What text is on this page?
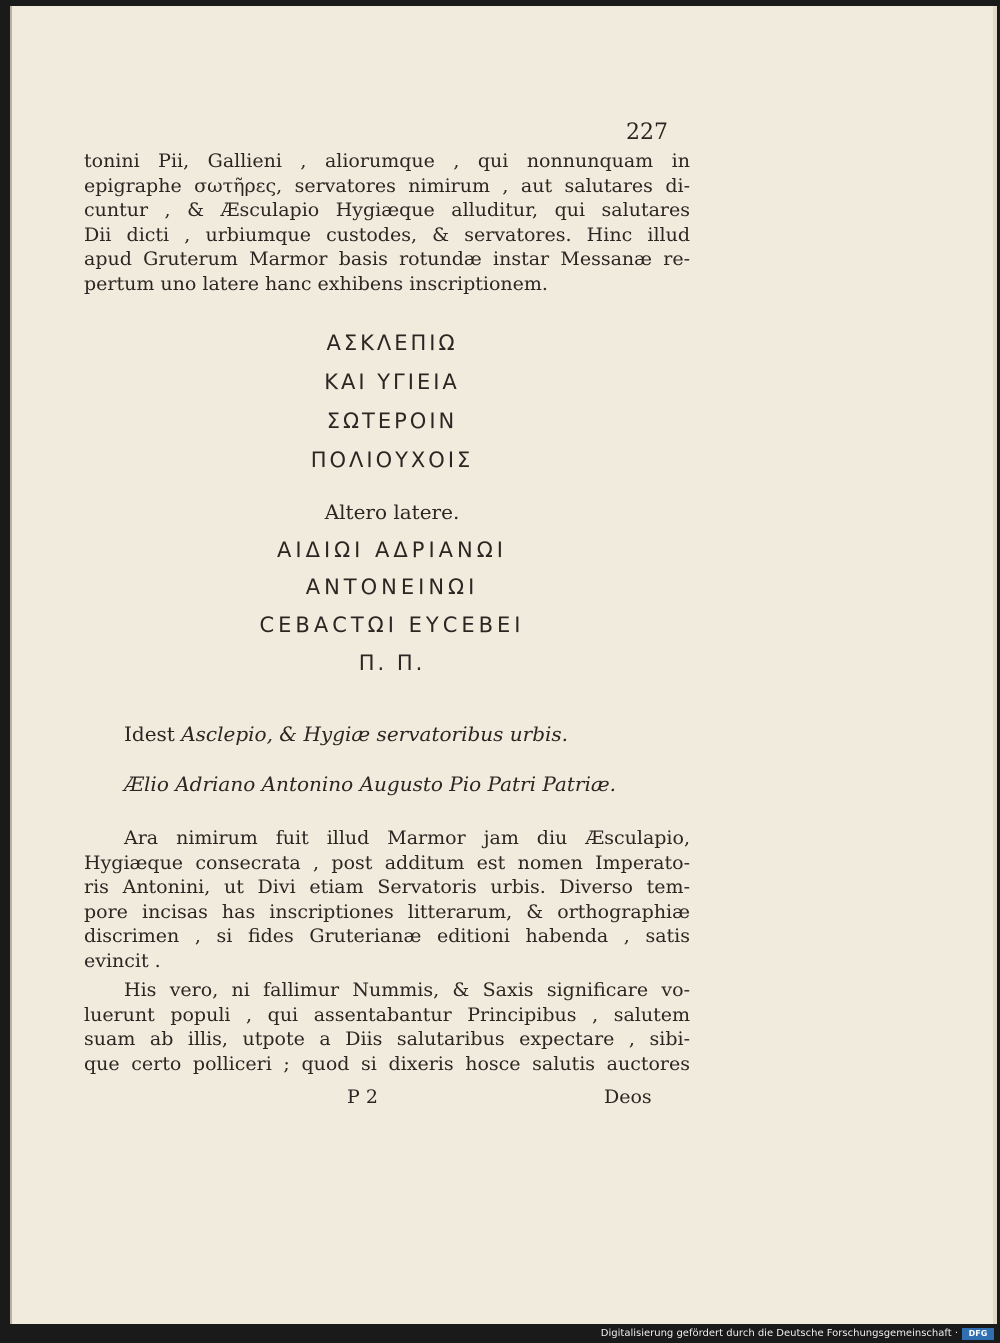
227

tonini Pii, Gallieni , aliorumque , qui nonnunquam in
epigraphe σωτῆρες, servatores nimirum , aut salutares di-
cuntur , & Æsculapio Hygiæque alluditur, qui salutares
Dii dicti , urbiumque custodes, & servatores. Hinc illud
apud Gruterum Marmor basis rotundæ instar Messanæ re-
pertum uno latere hanc exhibens inscriptionem.

ΑΣΚΛΕΠΙΩ
ΚΑΙ ΥΓΙΕΙΑ
ΣΩΤΕΡΟΙΝ
ΠΟΛΙΟΥΧΟΙΣ
Altero latere.
ΑΙΔΙΩΙ ΑΔΡΙΑΝΩΙ
ΑΝΤΟΝΕΙΝΩΙ
CΕΒΑCΤΩΙ ΕΥCΕΒΕΙ
Π. Π.
Idest Asclepio, & Hygiæ servatoribus urbis.
Ælio Adriano Antonino Augusto Pio Patri Patriæ.

Ara nimirum fuit illud Marmor jam diu Æsculapio,
Hygiæque consecrata , post additum est nomen Imperato-
ris Antonini, ut Divi etiam Servatoris urbis. Diverso tem-
pore incisas has inscriptiones litterarum, & orthographiæ
discrimen , si fides Gruterianæ editioni habenda , satis
evincit .

His vero, ni fallimur Nummis, & Saxis significare vo-
luerunt populi , qui assentabantur Principibus , salutem
suam ab illis, utpote a Diis salutaribus expectare , sibi-
que certo polliceri ; quod si dixeris hosce salutis auctores

P 2	Deos
Digitalisierung gefördert durch die Deutsche Forschungsgemeinschaft ·	DFG
